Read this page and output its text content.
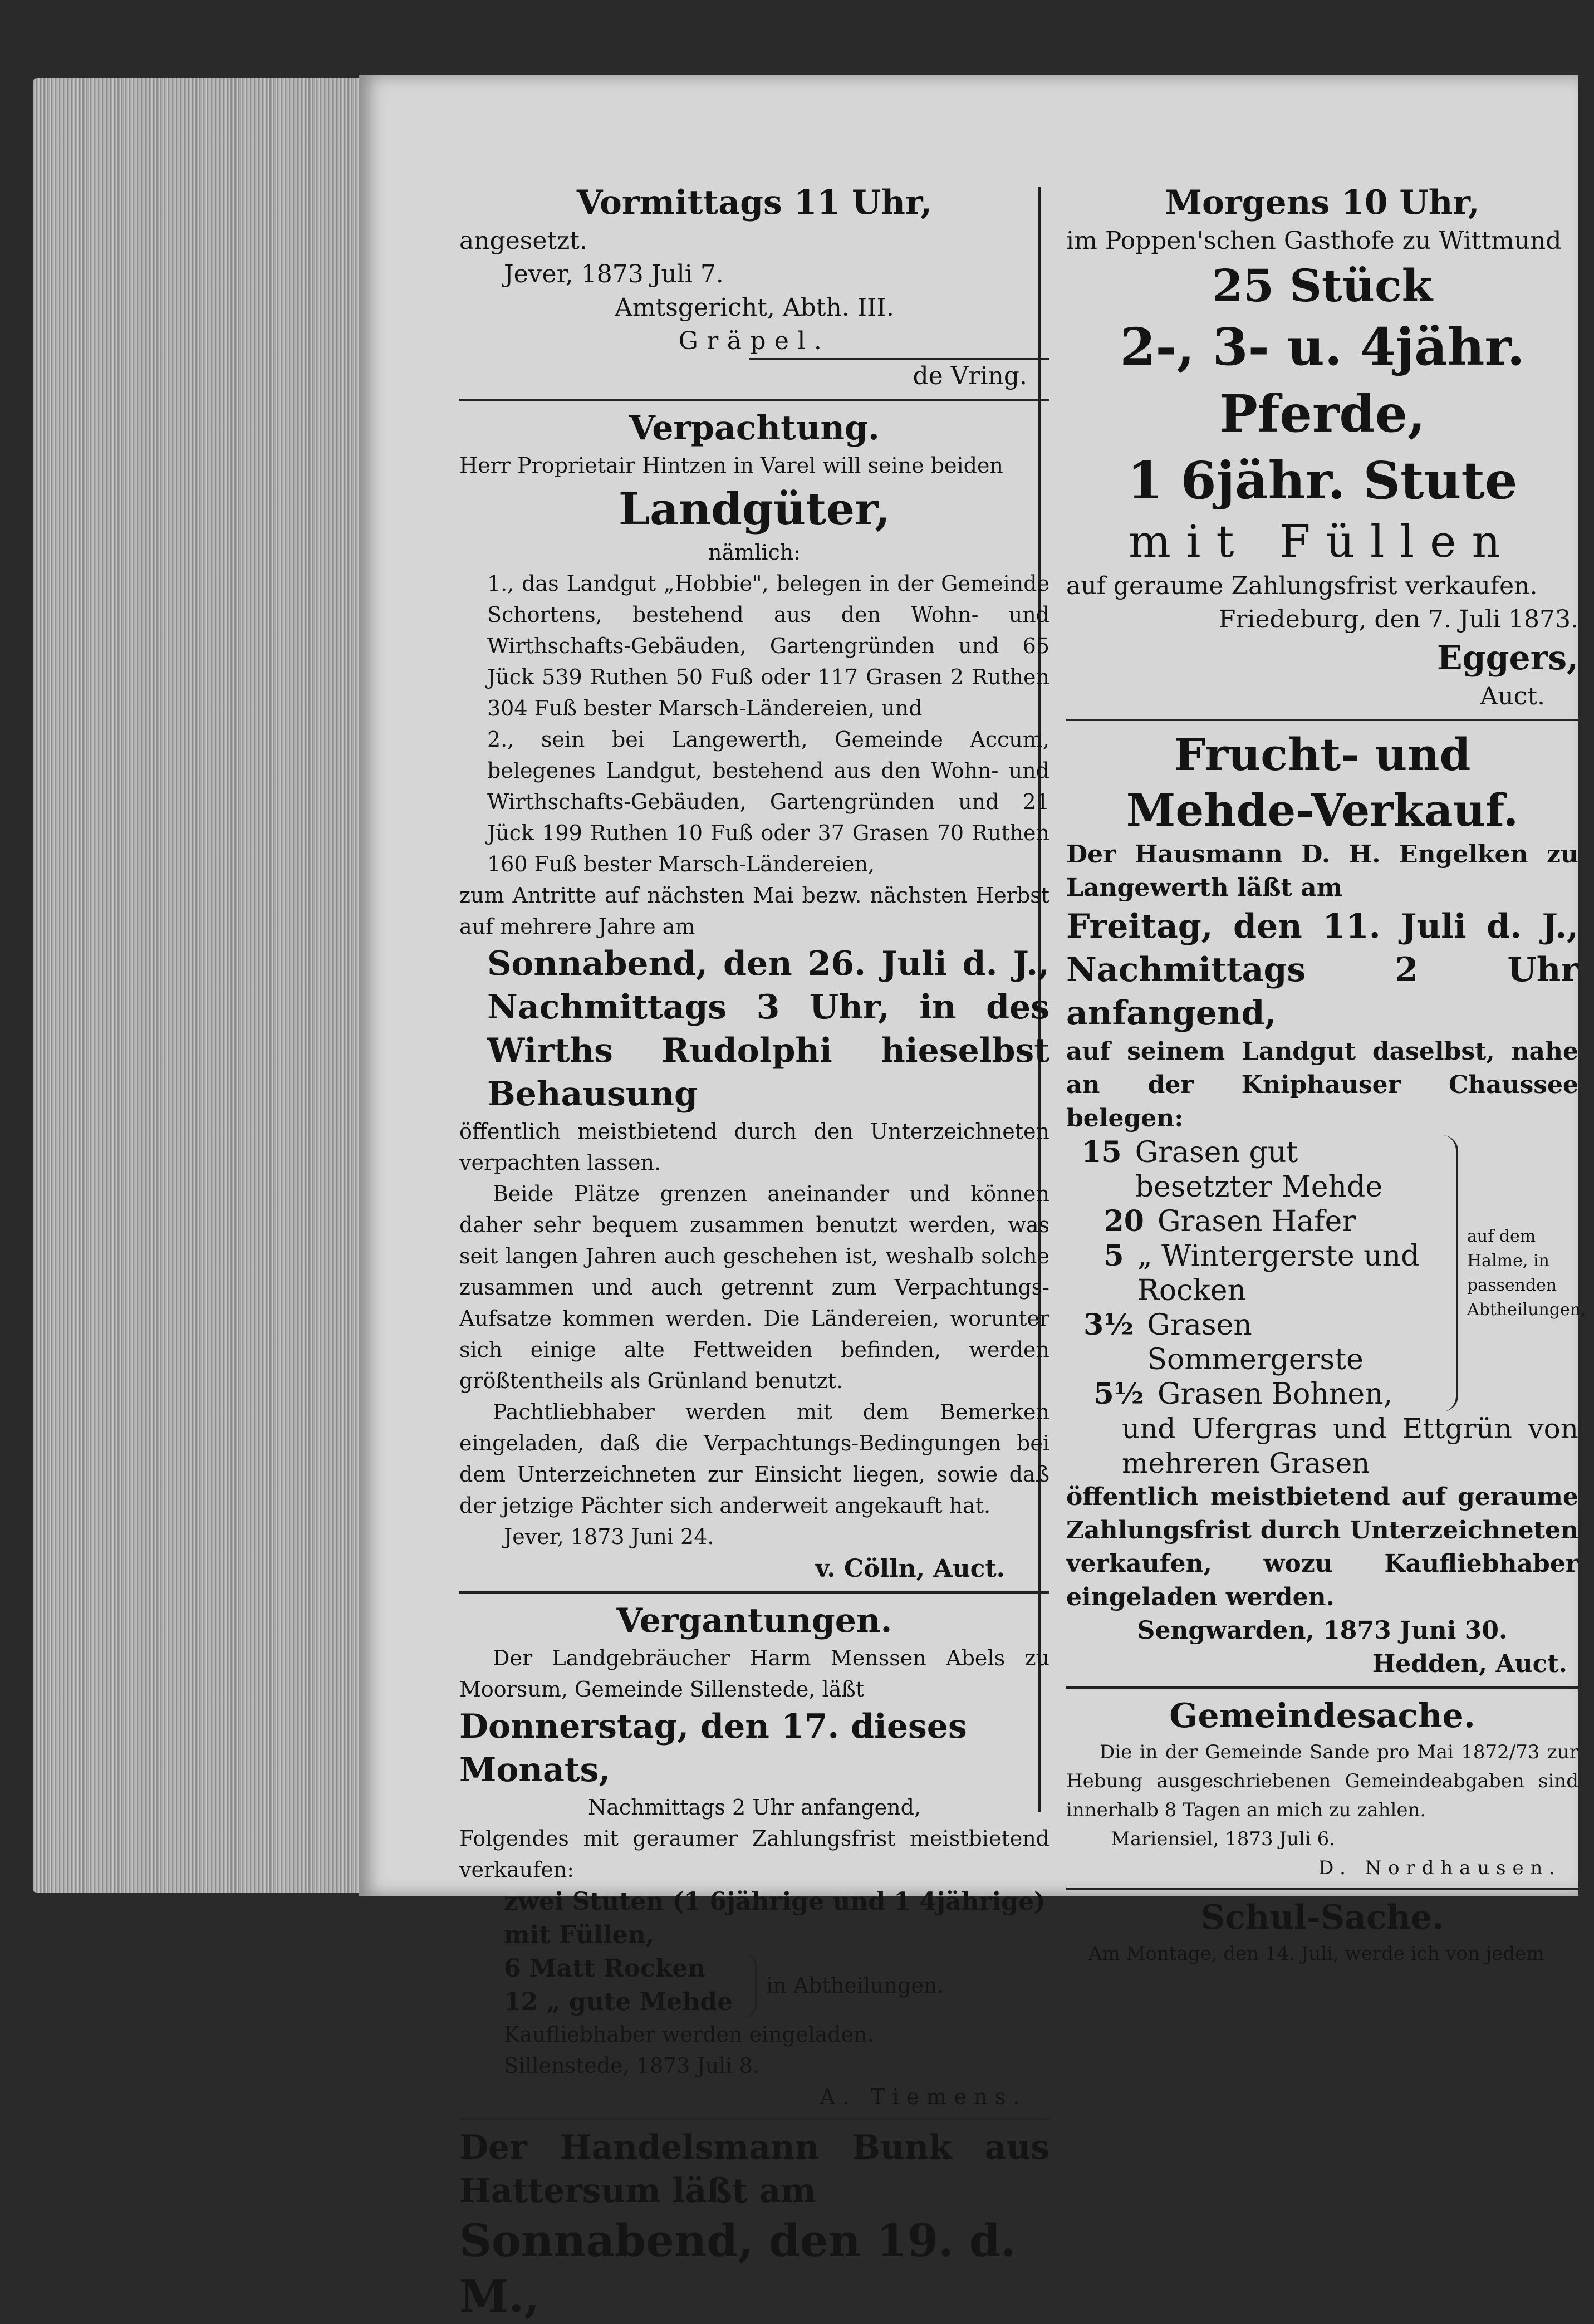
Vormittags 11 Uhr,

angesetzt.

Jever, 1873 Juli 7.

Amtsgericht, Abth. III.

Gräpel.

de Vring.

Verpachtung.

Herr Proprietair Hintzen in Varel will seine beiden

Landgüter,

nämlich:

1., das Landgut „Hobbie", belegen in der Gemeinde Schortens, bestehend aus den Wohn- und Wirthschafts-Gebäuden, Gartengründen und 65 Jück 539 Ruthen 50 Fuß oder 117 Grasen 2 Ruthen 304 Fuß bester Marsch-Ländereien, und

2., sein bei Langewerth, Gemeinde Accum, belegenes Landgut, bestehend aus den Wohn- und Wirthschafts-Gebäuden, Gartengründen und 21 Jück 199 Ruthen 10 Fuß oder 37 Grasen 70 Ruthen 160 Fuß bester Marsch-Ländereien,

zum Antritte auf nächsten Mai bezw. nächsten Herbst auf mehrere Jahre am

Sonnabend, den 26. Juli d. J., Nachmittags 3 Uhr, in des Wirths Rudolphi hieselbst Behausung

öffentlich meistbietend durch den Unterzeichneten verpachten lassen.

Beide Plätze grenzen aneinander und können daher sehr bequem zusammen benutzt werden, was seit langen Jahren auch geschehen ist, weshalb solche zusammen und auch getrennt zum Verpachtungs-Aufsatze kommen werden. Die Ländereien, worunter sich einige alte Fettweiden befinden, werden größtentheils als Grünland benutzt.

Pachtliebhaber werden mit dem Bemerken eingeladen, daß die Verpachtungs-Bedingungen bei dem Unterzeichneten zur Einsicht liegen, sowie daß der jetzige Pächter sich anderweit angekauft hat.

Jever, 1873 Juni 24.

v. Cölln, Auct.

Vergantungen.

Der Landgebräucher Harm Menssen Abels zu Moorsum, Gemeinde Sillenstede, läßt

Donnerstag, den 17. dieses Monats,

Nachmittags 2 Uhr anfangend,

Folgendes mit geraumer Zahlungsfrist meistbietend verkaufen:

zwei Stuten (1 6jährige und 1 4jährige) mit Füllen,

6 Matt Rocken

12 „ gute Mehde

in Abtheilungen.

Kaufliebhaber werden eingeladen.

Sillenstede, 1873 Juli 8.

A. Tiemens.

Der Handelsmann Bunk aus Hattersum läßt am

Sonnabend, den 19. d. M.,

Morgens 10 Uhr,

im Poppen'schen Gasthofe zu Wittmund

25 Stück

2-, 3- u. 4jähr. Pferde,

1 6jähr. Stute

mit Füllen

auf geraume Zahlungsfrist verkaufen.

Friedeburg, den 7. Juli 1873.

Eggers,

Auct.

Frucht- und

Mehde-Verkauf.

Der Hausmann D. H. Engelken zu Langewerth läßt am

Freitag, den 11. Juli d. J., Nachmittags 2 Uhr anfangend,

auf seinem Landgut daselbst, nahe an der Kniphauser Chaussee belegen:

15 Grasen gut besetzter Mehde
20 Grasen Hafer
5 „ Wintergerste und Rocken
3½ Grasen Sommergerste
5½ Grasen Bohnen,

auf dem Halme, in passenden Abtheilungen,

und Ufergras und Ettgrün von mehreren Grasen

öffentlich meistbietend auf geraume Zahlungsfrist durch Unterzeichneten verkaufen, wozu Kaufliebhaber eingeladen werden.

Sengwarden, 1873 Juni 30.

Hedden, Auct.

Gemeindesache.

Die in der Gemeinde Sande pro Mai 1872/73 zur Hebung ausgeschriebenen Gemeindeabgaben sind innerhalb 8 Tagen an mich zu zahlen.

Mariensiel, 1873 Juli 6.

D. Nordhausen.

Schul-Sache.

Am Montage, den 14. Juli, werde ich von jedem
